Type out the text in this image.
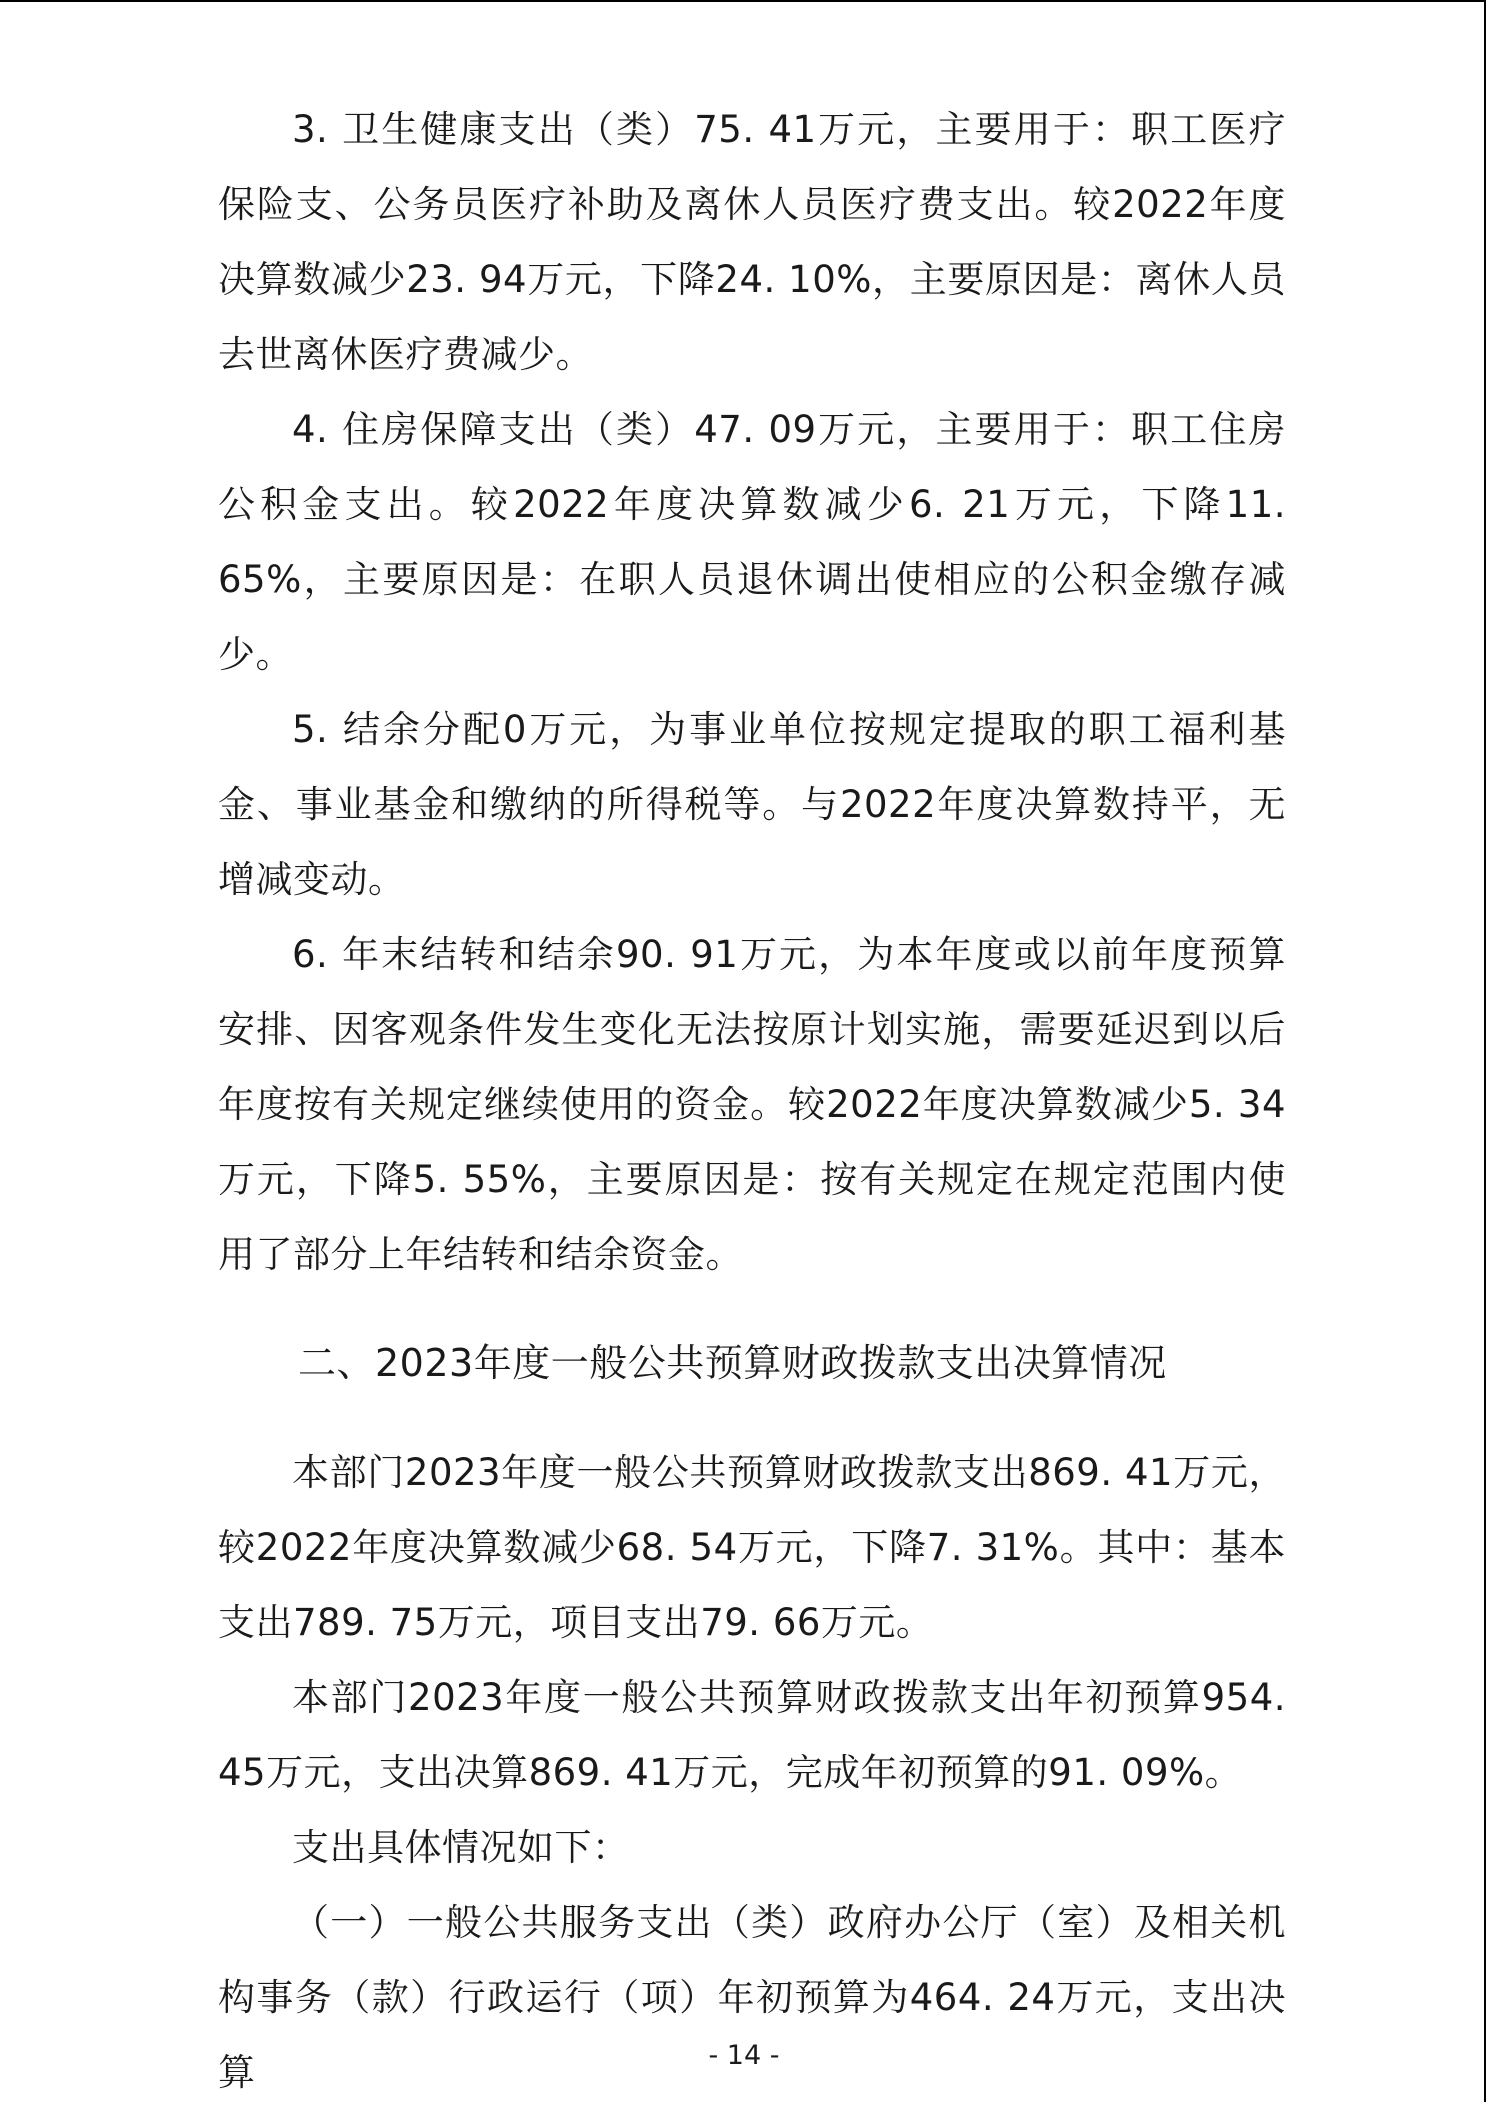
3. 卫生健康支出（类）75. 41万元，主要用于：职工医疗保险支、公务员医疗补助及离休人员医疗费支出。较2022年度决算数减少23. 94万元，下降24. 10%，主要原因是：离休人员去世离休医疗费减少。

4. 住房保障支出（类）47. 09万元，主要用于：职工住房公积金支出。较2022年度决算数减少6. 21万元，下降11. 65%，主要原因是：在职人员退休调出使相应的公积金缴存减少。

5. 结余分配0万元，为事业单位按规定提取的职工福利基金、事业基金和缴纳的所得税等。与2022年度决算数持平，无增减变动。

6. 年末结转和结余90. 91万元，为本年度或以前年度预算安排、因客观条件发生变化无法按原计划实施，需要延迟到以后年度按有关规定继续使用的资金。较2022年度决算数减少5. 34万元，下降5. 55%，主要原因是：按有关规定在规定范围内使用了部分上年结转和结余资金。

二、2023年度一般公共预算财政拨款支出决算情况

本部门2023年度一般公共预算财政拨款支出869. 41万元，较2022年度决算数减少68. 54万元，下降7. 31%。其中：基本支出789. 75万元，项目支出79. 66万元。

本部门2023年度一般公共预算财政拨款支出年初预算954. 45万元，支出决算869. 41万元，完成年初预算的91. 09%。

支出具体情况如下：

（一）一般公共服务支出（类）政府办公厅（室）及相关机构事务（款）行政运行（项）年初预算为464. 24万元，支出决算	- 14 -
